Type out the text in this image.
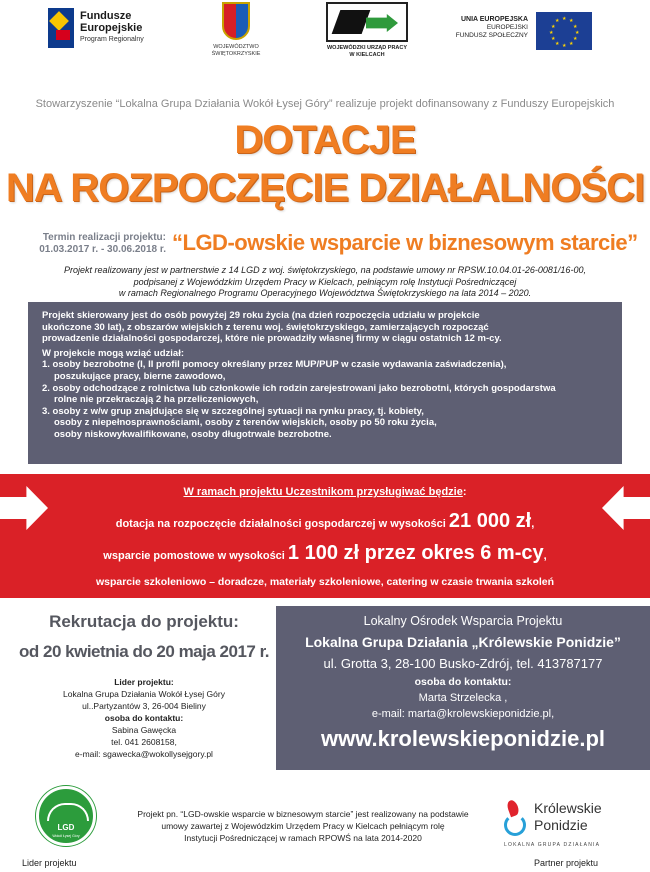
Fundusze
Europejskie
Program Regionalny
WOJEWÓDZTWO
ŚWIĘTOKRZYSKIE
WOJEWÓDZKI URZĄD PRACY
W KIELCACH
UNIA EUROPEJSKA
EUROPEJSKI
FUNDUSZ SPOŁECZNY
★ ★
★
★
★
★
★
★
★
★
★
★
Stowarzyszenie “Lokalna Grupa Działania Wokół Łysej Góry” realizuje projekt dofinansowany z Funduszy Europejskich
DOTACJE
NA ROZPOCZĘCIE DZIAŁALNOŚCI
Termin realizacji projektu:
01.03.2017 r. - 30.06.2018 r. “LGD-owskie wsparcie w biznesowym starcie”
Projekt realizowany jest w partnerstwie z 14 LGD z woj. świętokrzyskiego, na podstawie umowy nr RPSW.10.04.01-26-0081/16-00,
podpisanej z Wojewódzkim Urzędem Pracy w Kielcach, pełniącym rolę Instytucji Pośredniczącej
w ramach Regionalnego Programu Operacyjnego Województwa Świętokrzyskiego na lata 2014 – 2020.

Projekt skierowany jest do osób powyżej 29 roku życia (na dzień rozpoczęcia udziału w projekcie
ukończone 30 lat), z obszarów wiejskich z terenu woj. świętokrzyskiego, zamierzających rozpocząć
prowadzenie działalności gospodarczej, które nie prowadziły własnej firmy w ciągu ostatnich 12 m-cy.

W projekcie mogą wziąć udział:
1. osoby bezrobotne (I, II profil pomocy określany przez MUP/PUP w czasie wydawania zaświadczenia),
poszukujące pracy, bierne zawodowo,
2. osoby odchodzące z rolnictwa lub członkowie ich rodzin zarejestrowani jako bezrobotni, których gospodarstwa
rolne nie przekraczają 2 ha przeliczeniowych,
3. osoby z w/w grup znajdujące się w szczególnej sytuacji na rynku pracy, tj. kobiety,
osoby z niepełnosprawnościami, osoby z terenów wiejskich, osoby po 50 roku życia,
osoby niskowykwalifikowane, osoby długotrwale bezrobotne.
W ramach projektu Uczestnikom przysługiwać będzie:
dotacja na rozpoczęcie działalności gospodarczej w wysokości 21 000 zł,
wsparcie pomostowe w wysokości 1 100 zł przez okres 6 m-cy,
wsparcie szkoleniowo – doradcze, materiały szkoleniowe, catering w czasie trwania szkoleń
Rekrutacja do projektu:
od 20 kwietnia do 20 maja 2017 r.
Lider projektu:
Lokalna Grupa Działania Wokół Łysej Góry
ul..Partyzantów 3, 26-004 Bieliny
osoba do kontaktu:
Sabina Gawęcka
tel. 041 2608158,
e-mail: sgawecka@wokollysejgory.pl
Lokalny Ośrodek Wsparcia Projektu
Lokalna Grupa Działania „Królewskie Ponidzie”
ul. Grotta 3, 28-100 Busko-Zdrój, tel. 413787177
osoba do kontaktu:
Marta Strzelecka ,
e-mail: marta@krolewskieponidzie.pl,
www.krolewskieponidzie.pl
LGD
Wokół Łysej Góry
Lider projektu
Projekt pn. “LGD-owskie wsparcie w biznesowym starcie” jest realizowany na podstawie
umowy zawartej z Wojewódzkim Urzędem Pracy w Kielcach pełniącym rolę
Instytucji Pośredniczącej w ramach RPOWŚ na lata 2014-2020
Królewskie
Ponidzie
LOKALNA GRUPA DZIAŁANIA
Partner projektu
